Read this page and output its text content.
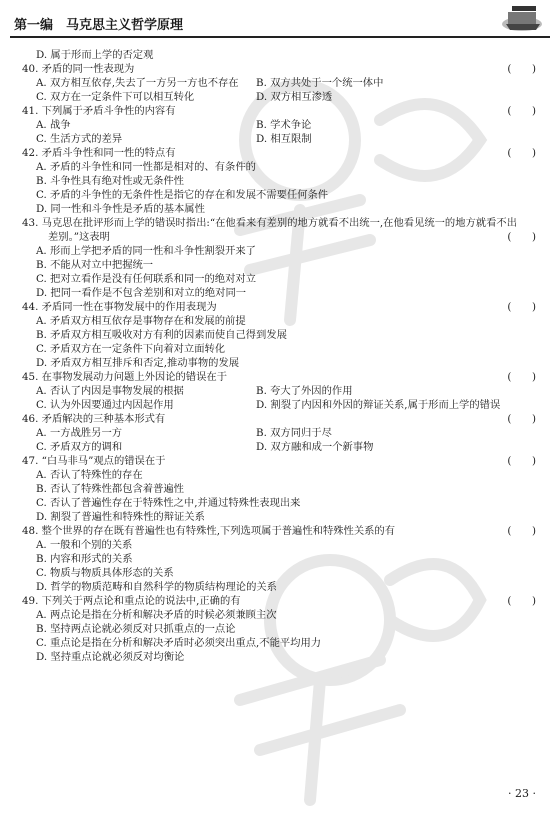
第一编　马克思主义哲学原理
D. 属于形而上学的否定观
40. 矛盾的同一性表现为	(　　)
A. 双方相互依存,失去了一方另一方也不存在 B. 双方共处于一个统一体中
C. 双方在一定条件下可以相互转化	D. 双方相互渗透
41. 下列属于矛盾斗争性的内容有	(　　)
A. 战争	B. 学术争论
C. 生活方式的差异	D. 相互限制
42. 矛盾斗争性和同一性的特点有	(　　)
A. 矛盾的斗争性和同一性都是相对的、有条件的
B. 斗争性具有绝对性或无条件性
C. 矛盾的斗争性的无条件性是指它的存在和发展不需要任何条件
D. 同一性和斗争性是矛盾的基本属性
43. 马克思在批评形而上学的错误时指出:“在他看来有差别的地方就看不出统一,在他看见统一的地方就看不出
差别。”这表明	(　　)
A. 形而上学把矛盾的同一性和斗争性割裂开来了
B. 不能从对立中把握统一
C. 把对立看作是没有任何联系和同一的绝对对立
D. 把同一看作是不包含差别和对立的绝对同一
44. 矛盾同一性在事物发展中的作用表现为	(　　)
A. 矛盾双方相互依存是事物存在和发展的前提
B. 矛盾双方相互吸收对方有利的因素而使自己得到发展
C. 矛盾双方在一定条件下向着对立面转化
D. 矛盾双方相互排斥和否定,推动事物的发展
45. 在事物发展动力问题上外因论的错误在于	(　　)
A. 否认了内因是事物发展的根据	B. 夸大了外因的作用
C. 认为外因要通过内因起作用	D. 割裂了内因和外因的辩证关系,属于形而上学的错误
46. 矛盾解决的三种基本形式有	(　　)
A. 一方战胜另一方	B. 双方同归于尽
C. 矛盾双方的调和	D. 双方融和成一个新事物
47. “白马非马”观点的错误在于	(　　)
A. 否认了特殊性的存在
B. 否认了特殊性都包含着普遍性
C. 否认了普遍性存在于特殊性之中,并通过特殊性表现出来
D. 割裂了普遍性和特殊性的辩证关系
48. 整个世界的存在既有普遍性也有特殊性,下列选项属于普遍性和特殊性关系的有	(　　)
A. 一般和个别的关系
B. 内容和形式的关系
C. 物质与物质具体形态的关系
D. 哲学的物质范畴和自然科学的物质结构理论的关系
49. 下列关于两点论和重点论的说法中,正确的有	(　　)
A. 两点论是指在分析和解决矛盾的时候必须兼顾主次
B. 坚持两点论就必须反对只抓重点的一点论
C. 重点论是指在分析和解决矛盾时必须突出重点,不能平均用力
D. 坚持重点论就必须反对均衡论
· 23 ·
